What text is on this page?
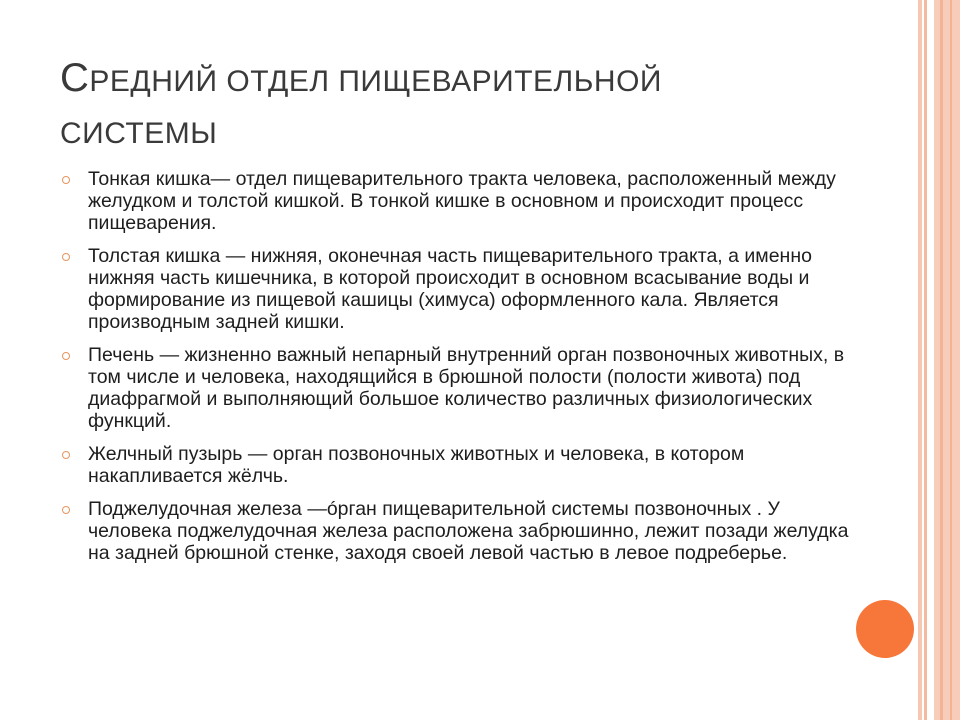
СРЕДНИЙ ОТДЕЛ ПИЩЕВАРИТЕЛЬНОЙ
СИСТЕМЫ
Тонкая кишка— отдел пищеварительного тракта человека, расположенный между желудком и толстой кишкой. В тонкой кишке в основном и происходит процесс пищеварения.
Толстая кишка — нижняя, оконечная часть пищеварительного тракта, а именно нижняя часть кишечника, в которой происходит в основном всасывание воды и формирование из пищевой кашицы (химуса) оформленного кала. Является производным задней кишки.
Печень — жизненно важный непарный внутренний орган позвоночных животных, в том числе и человека, находящийся в брюшной полости (полости живота) под диафрагмой и выполняющий большое количество различных физиологических функций.
Желчный пузырь — орган позвоночных животных и человека, в котором накапливается жёлчь.
Поджелудочная железа —óрган пищеварительной системы позвоночных . У человека поджелудочная железа расположена забрюшинно, лежит позади желудка на задней брюшной стенке, заходя своей левой частью в левое подреберье.
